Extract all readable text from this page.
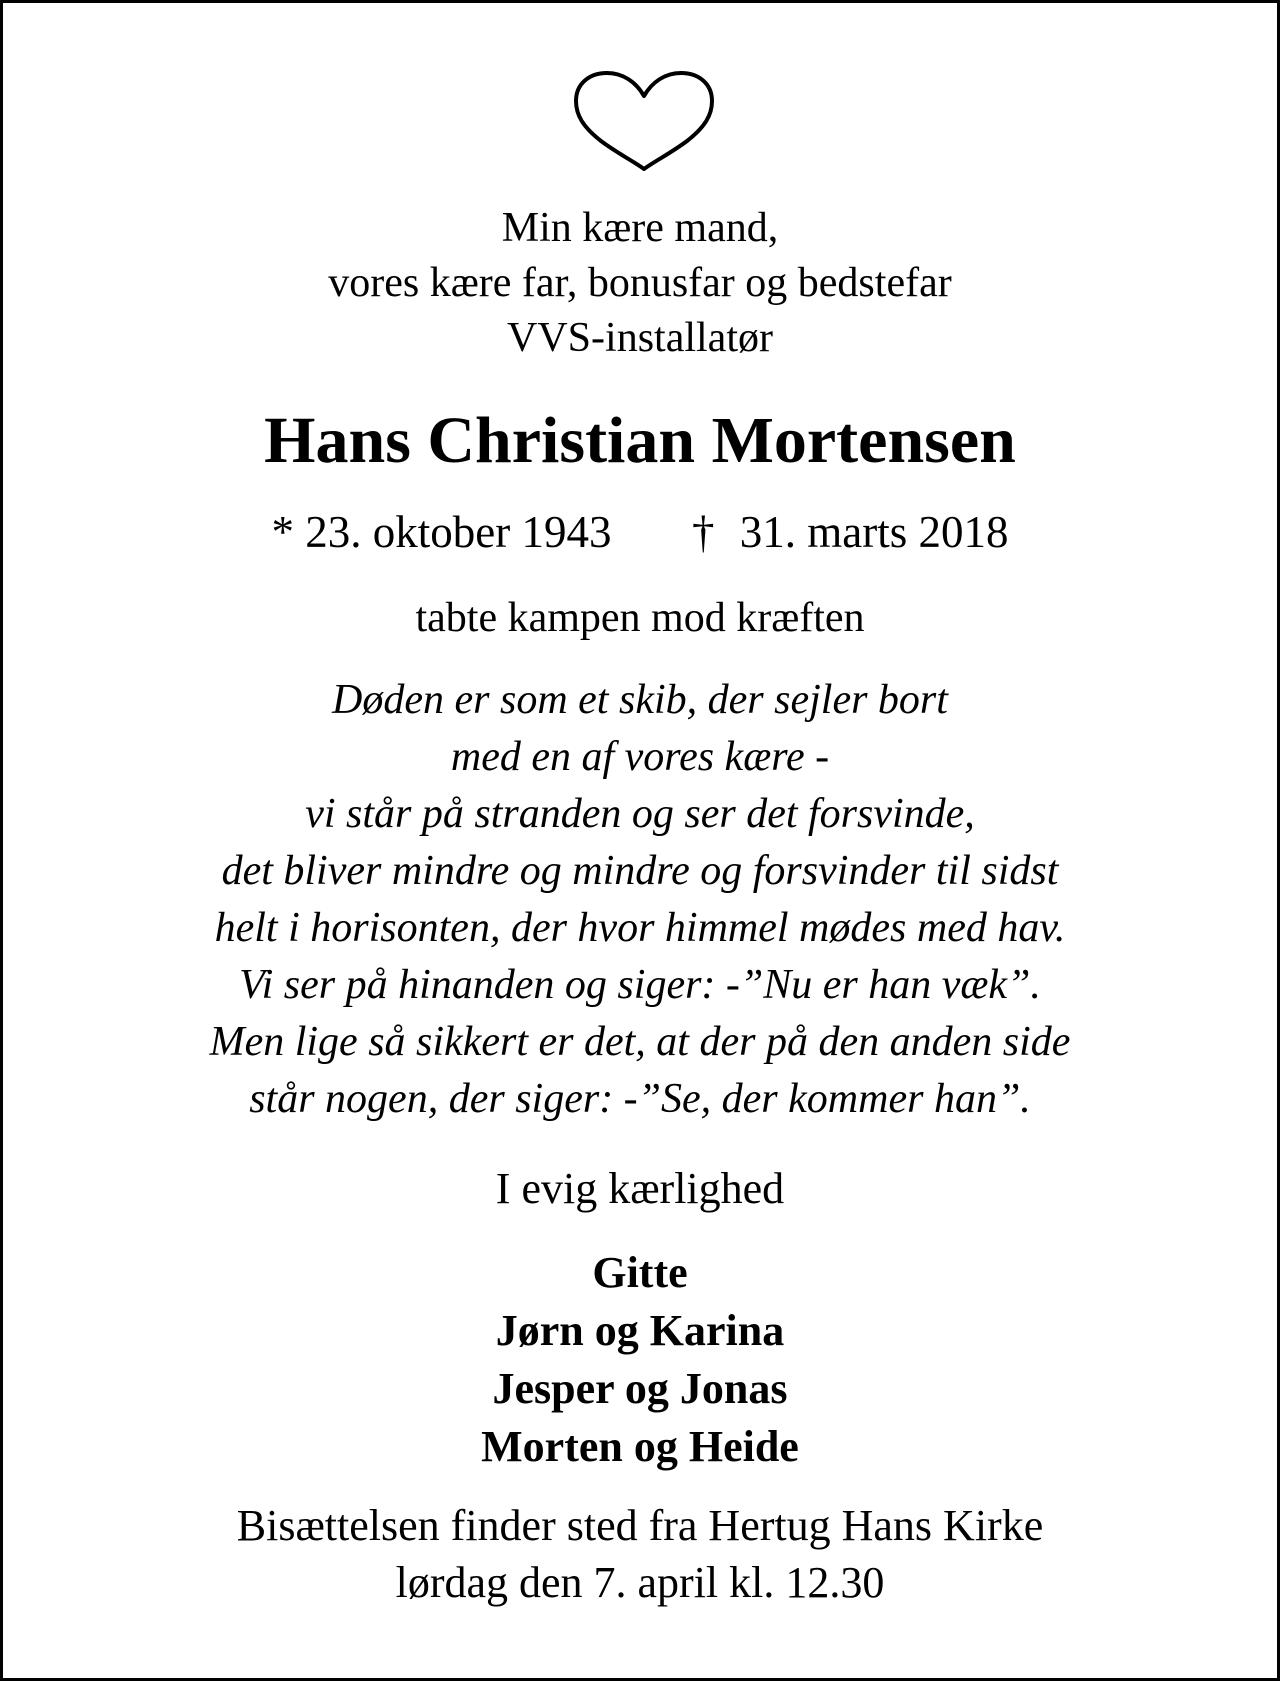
Min kære mand,
vores kære far, bonusfar og bedstefar
VVS-installatør
Hans Christian Mortensen
* 23. oktober 1943 † 31. marts 2018
tabte kampen mod kræften
Døden er som et skib, der sejler bort
med en af vores kære -
vi står på stranden og ser det forsvinde,
det bliver mindre og mindre og forsvinder til sidst
helt i horisonten, der hvor himmel mødes med hav.
Vi ser på hinanden og siger: -”Nu er han væk”.
Men lige så sikkert er det, at der på den anden side
står nogen, der siger: -”Se, der kommer han”.
I evig kærlighed
Gitte
Jørn og Karina
Jesper og Jonas
Morten og Heide
Bisættelsen finder sted fra Hertug Hans Kirke
lørdag den 7. april kl. 12.30
